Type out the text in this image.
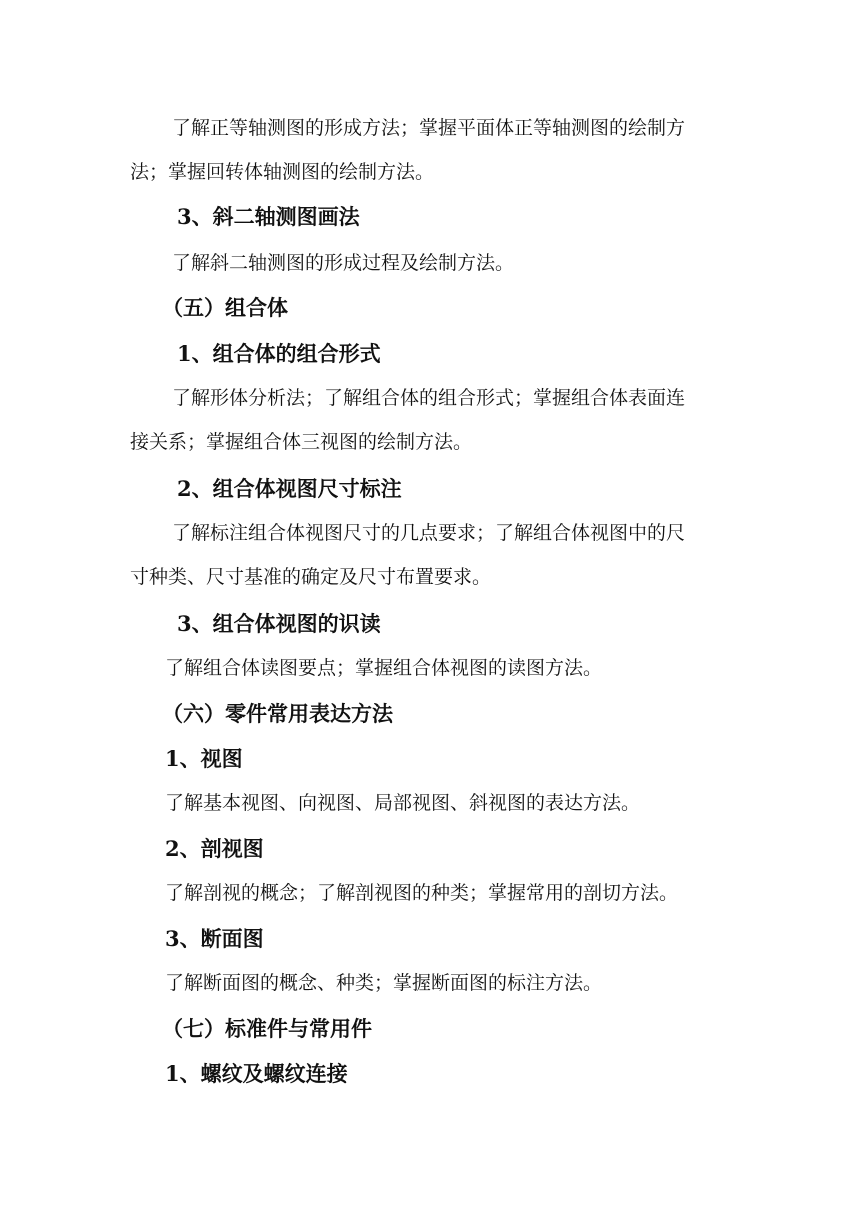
了解正等轴测图的形成方法；掌握平面体正等轴测图的绘制方
法；掌握回转体轴测图的绘制方法。
3、斜二轴测图画法
了解斜二轴测图的形成过程及绘制方法。
（五）组合体
1、组合体的组合形式
了解形体分析法；了解组合体的组合形式；掌握组合体表面连
接关系；掌握组合体三视图的绘制方法。
2、组合体视图尺寸标注
了解标注组合体视图尺寸的几点要求；了解组合体视图中的尺
寸种类、尺寸基准的确定及尺寸布置要求。
3、组合体视图的识读
了解组合体读图要点；掌握组合体视图的读图方法。
（六）零件常用表达方法
1、视图
了解基本视图、向视图、局部视图、斜视图的表达方法。
2、剖视图
了解剖视的概念；了解剖视图的种类；掌握常用的剖切方法。
3、断面图
了解断面图的概念、种类；掌握断面图的标注方法。
（七）标准件与常用件
1、螺纹及螺纹连接
